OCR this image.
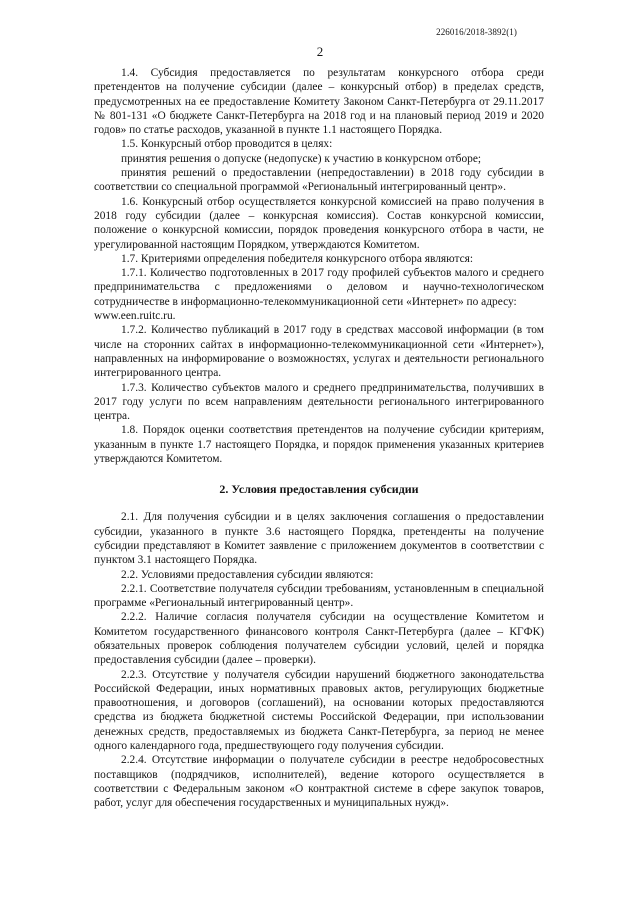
226016/2018-3892(1)
2

1.4. Субсидия предоставляется по результатам конкурсного отбора среди претендентов на получение субсидии (далее – конкурсный отбор) в пределах средств, предусмотренных на ее предоставление Комитету Законом Санкт-Петербурга от 29.11.2017 № 801-131 «О бюджете Санкт-Петербурга на 2018 год и на плановый период 2019 и 2020 годов» по статье расходов, указанной в пункте 1.1 настоящего Порядка.

1.5. Конкурсный отбор проводится в целях:

принятия решения о допуске (недопуске) к участию в конкурсном отборе;

принятия решений о предоставлении (непредоставлении) в 2018 году субсидии в соответствии со специальной программой «Региональный интегрированный центр».

1.6. Конкурсный отбор осуществляется конкурсной комиссией на право получения в 2018 году субсидии (далее – конкурсная комиссия). Состав конкурсной комиссии, положение о конкурсной комиссии, порядок проведения конкурсного отбора в части, не урегулированной настоящим Порядком, утверждаются Комитетом.

1.7. Критериями определения победителя конкурсного отбора являются:

1.7.1. Количество подготовленных в 2017 году профилей субъектов малого и среднего предпринимательства с предложениями о деловом и научно-технологическом сотрудничестве в информационно-телекоммуникационной сети «Интернет» по адресу:

www.een.ruitc.ru.

1.7.2. Количество публикаций в 2017 году в средствах массовой информации (в том числе на сторонних сайтах в информационно-телекоммуникационной сети «Интернет»), направленных на информирование о возможностях, услугах и деятельности регионального интегрированного центра.

1.7.3. Количество субъектов малого и среднего предпринимательства, получивших в 2017 году услуги по всем направлениям деятельности регионального интегрированного центра.

1.8. Порядок оценки соответствия претендентов на получение субсидии критериям, указанным в пункте 1.7 настоящего Порядка, и порядок применения указанных критериев утверждаются Комитетом.

2. Условия предоставления субсидии

2.1. Для получения субсидии и в целях заключения соглашения о предоставлении субсидии, указанного в пункте 3.6 настоящего Порядка, претенденты на получение субсидии представляют в Комитет заявление с приложением документов в соответствии с пунктом 3.1 настоящего Порядка.

2.2. Условиями предоставления субсидии являются:

2.2.1. Соответствие получателя субсидии требованиям, установленным в специальной программе «Региональный интегрированный центр».

2.2.2. Наличие согласия получателя субсидии на осуществление Комитетом и Комитетом государственного финансового контроля Санкт-Петербурга (далее – КГФК) обязательных проверок соблюдения получателем субсидии условий, целей и порядка предоставления субсидии (далее – проверки).

2.2.3. Отсутствие у получателя субсидии нарушений бюджетного законодательства Российской Федерации, иных нормативных правовых актов, регулирующих бюджетные правоотношения, и договоров (соглашений), на основании которых предоставляются средства из бюджета бюджетной системы Российской Федерации, при использовании денежных средств, предоставляемых из бюджета Санкт-Петербурга, за период не менее одного календарного года, предшествующего году получения субсидии.

2.2.4. Отсутствие информации о получателе субсидии в реестре недобросовестных поставщиков (подрядчиков, исполнителей), ведение которого осуществляется в соответствии с Федеральным законом «О контрактной системе в сфере закупок товаров, работ, услуг для обеспечения государственных и муниципальных нужд».
